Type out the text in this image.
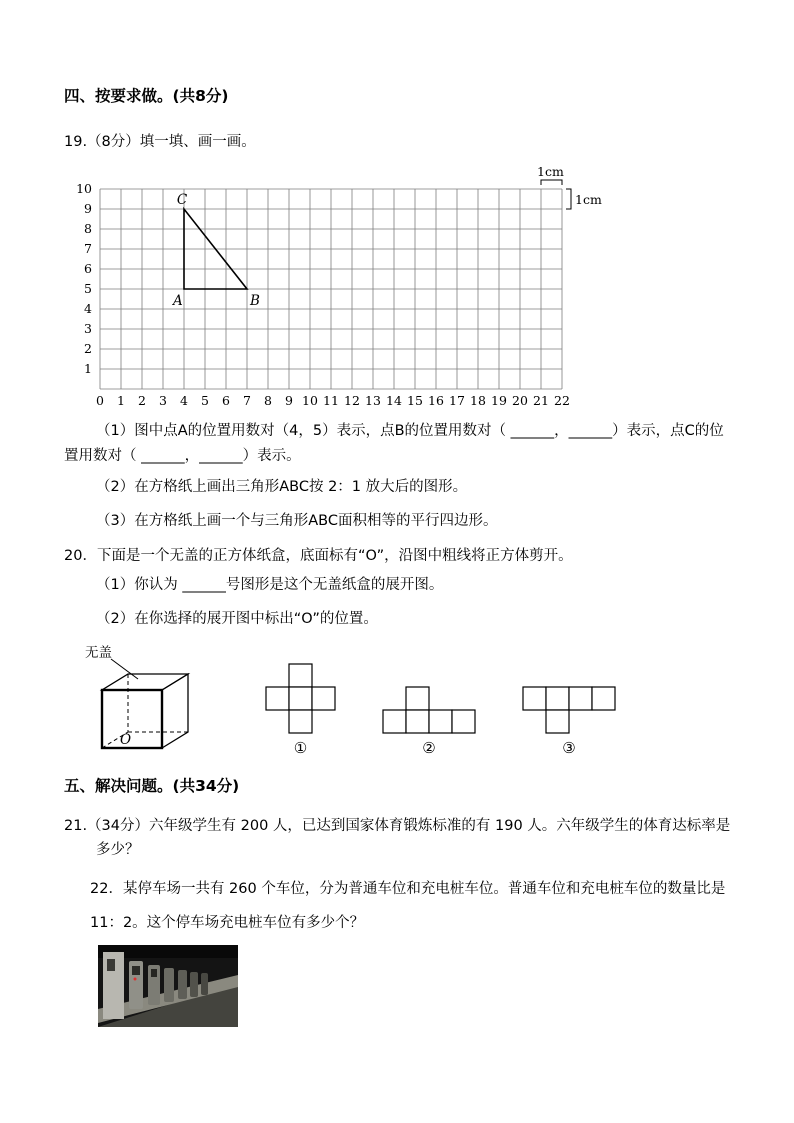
四、按要求做。(共8分)

19.（8分）填一填、画一画。

0 1 2 3 4 5 6 7 8 9 10 11 12 13 14 15 16 17 18 19 20 21 22
10
9
8
7
6
5
4
3
2
1
A	B
C
1cm
1cm

（1）图中点A的位置用数对（4，5）表示，点B的位置用数对（ ______，______）表示，点C的位置用数对（ ______，______）表示。

（2）在方格纸上画出三角形ABC按 2：1 放大后的图形。

（3）在方格纸上画一个与三角形ABC面积相等的平行四边形。

20．下面是一个无盖的正方体纸盒，底面标有“O”，沿图中粗线将正方体剪开。

（1）你认为 ______号图形是这个无盖纸盒的展开图。

（2）在你选择的展开图中标出“O”的位置。

无盖
O	①	②	③
五、解决问题。(共34分)

21.（34分）六年级学生有 200 人，已达到国家体育锻炼标准的有 190 人。六年级学生的体育达标率是多少？

22．某停车场一共有 260 个车位，分为普通车位和充电桩车位。普通车位和充电桩车位的数量比是

11：2。这个停车场充电桩车位有多少个？
